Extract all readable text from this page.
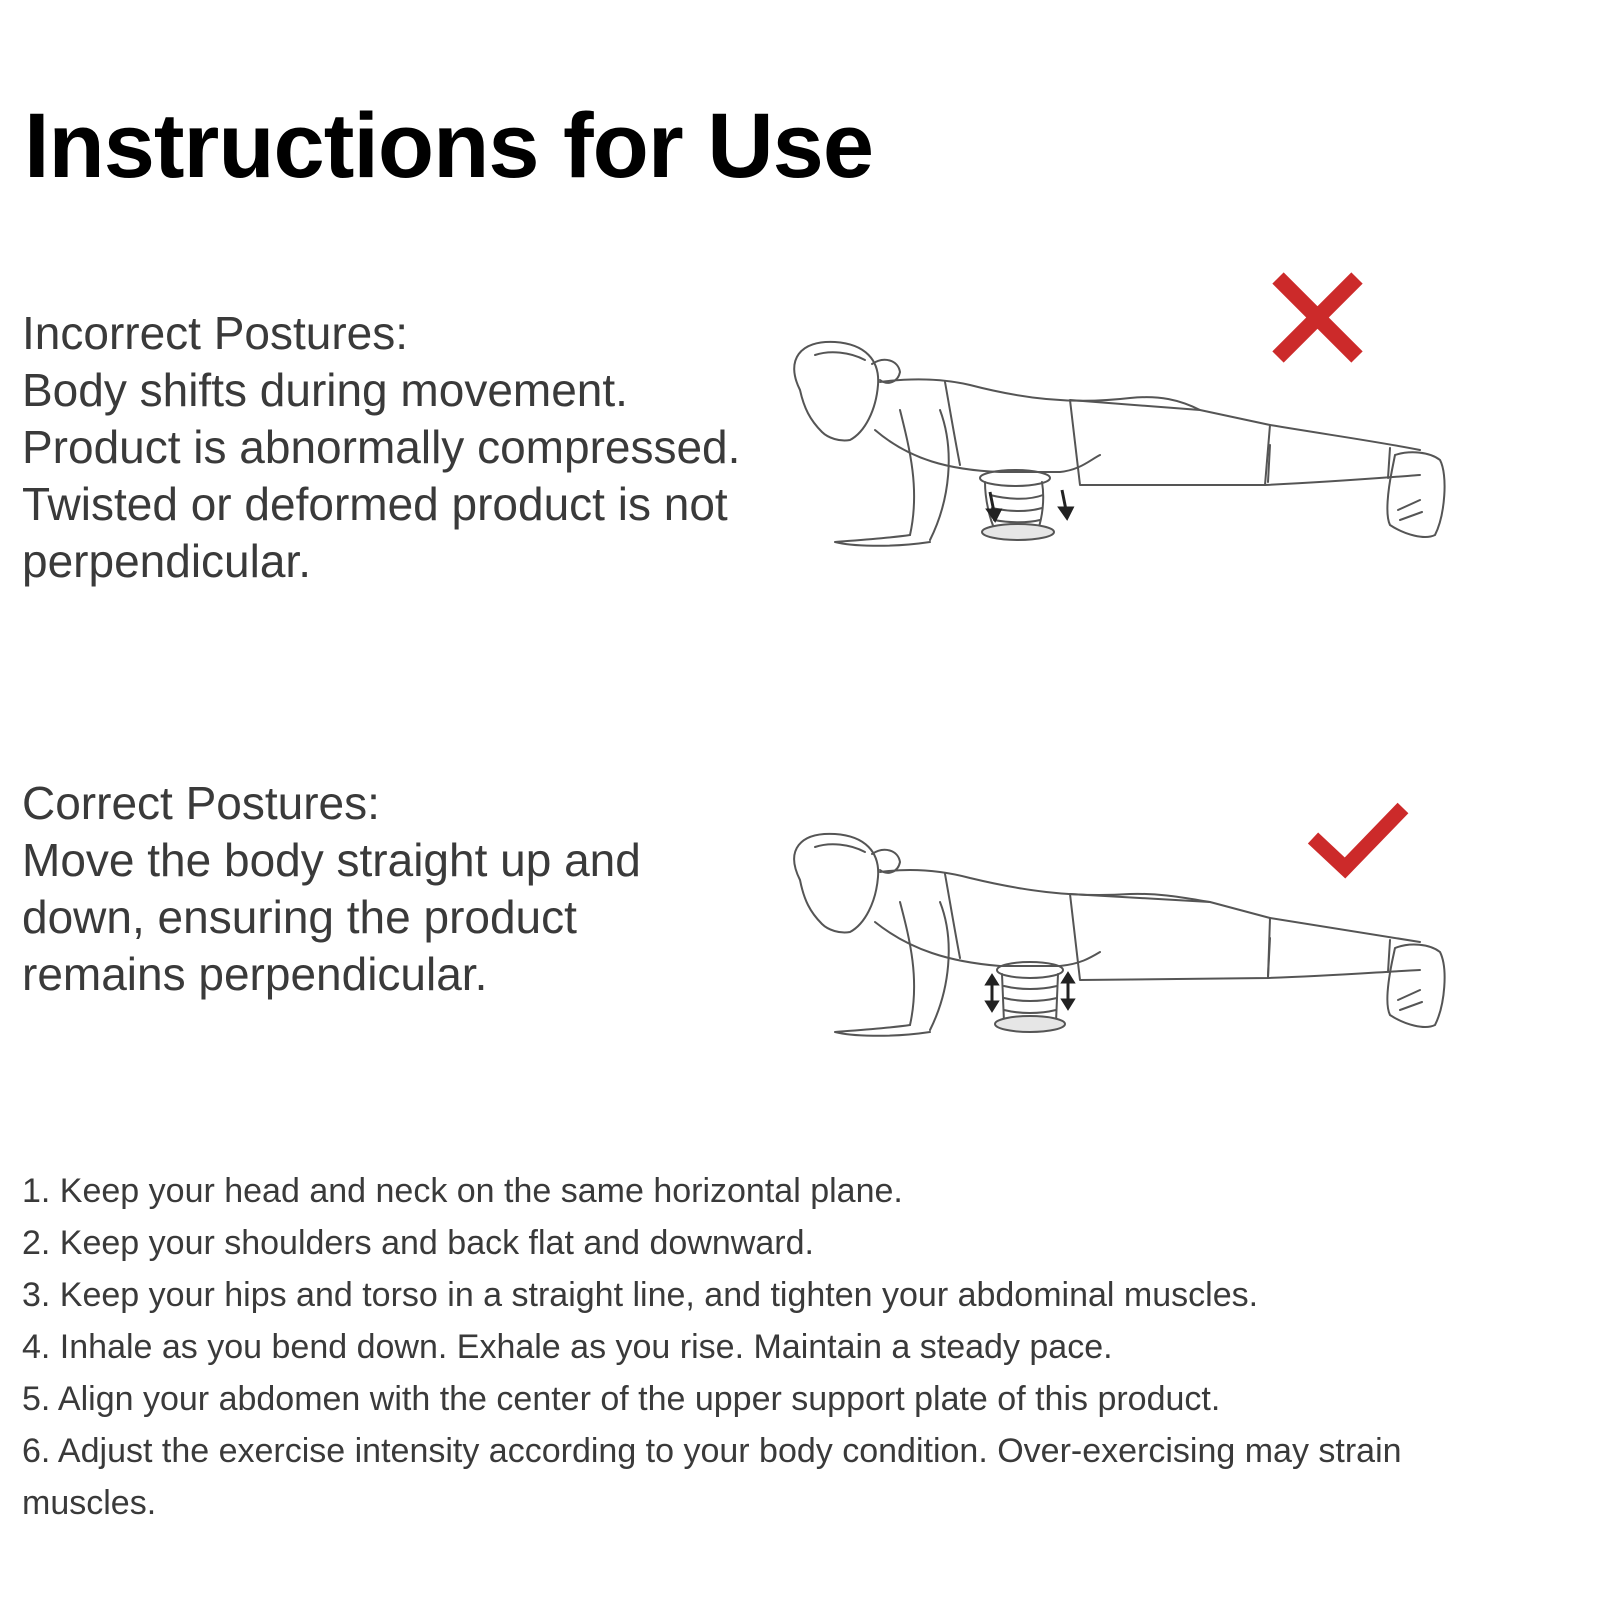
Instructions for Use
Incorrect Postures:
Body shifts during movement.
Product is abnormally compressed.
Twisted or deformed product is not
perpendicular.
Correct Postures:
Move the body straight up and
down, ensuring the product
remains perpendicular.
1. Keep your head and neck on the same horizontal plane.
2. Keep your shoulders and back flat and downward.
3. Keep your hips and torso in a straight line, and tighten your abdominal muscles.
4. Inhale as you bend down. Exhale as you rise. Maintain a steady pace.
5. Align your abdomen with the center of the upper support plate of this product.
6. Adjust the exercise intensity according to your body condition. Over-exercising may strain
muscles.
